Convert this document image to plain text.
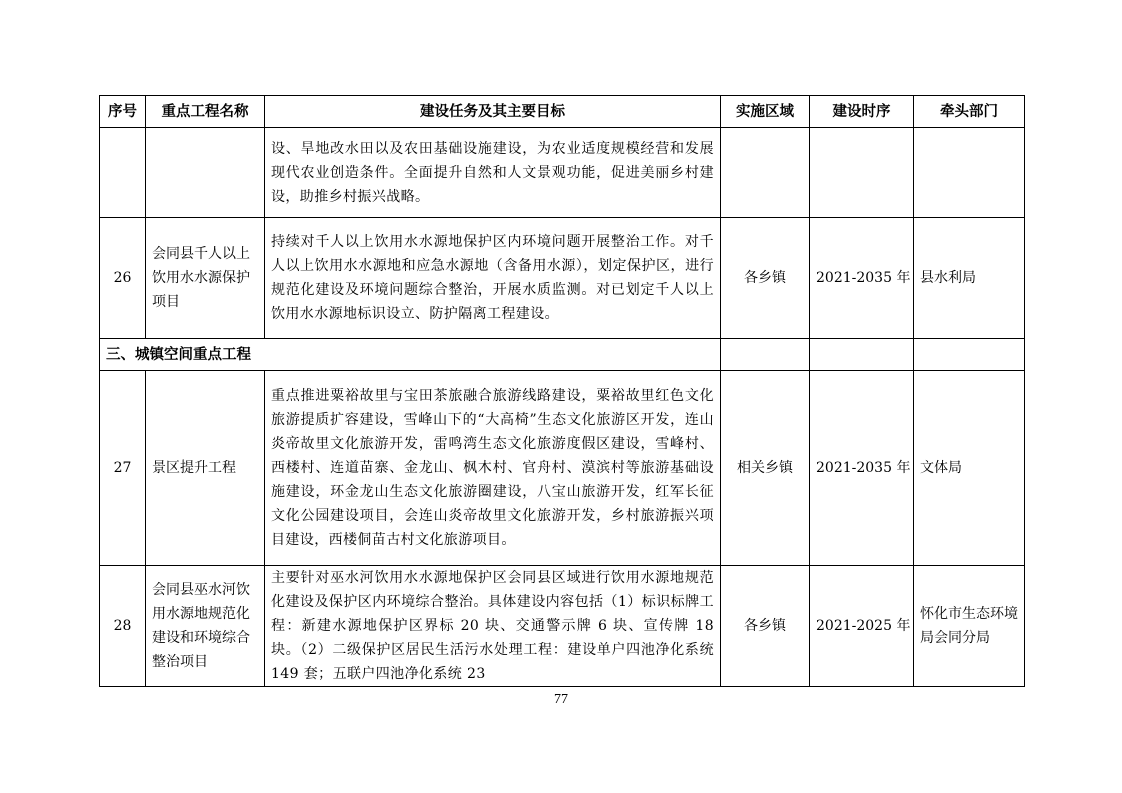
序号	重点工程名称	建设任务及其主要目标	实施区域	建设时序	牵头部门
		设、旱地改水田以及农田基础设施建设，为农业适度规模经营和发展现代农业创造条件。全面提升自然和人文景观功能，促进美丽乡村建设，助推乡村振兴战略。			
26	会同县千人以上饮用水水源保护项目	持续对千人以上饮用水水源地保护区内环境问题开展整治工作。对千人以上饮用水水源地和应急水源地（含备用水源），划定保护区，进行规范化建设及环境问题综合整治，开展水质监测。对已划定千人以上饮用水水源地标识设立、防护隔离工程建设。	各乡镇	2021-2035 年	县水利局
三、城镇空间重点工程					
27	景区提升工程	重点推进粟裕故里与宝田茶旅融合旅游线路建设，粟裕故里红色文化旅游提质扩容建设，雪峰山下的“大高椅”生态文化旅游区开发，连山炎帝故里文化旅游开发，雷鸣湾生态文化旅游度假区建设，雪峰村、西楼村、连道苗寨、金龙山、枫木村、官舟村、漠滨村等旅游基础设施建设，环金龙山生态文化旅游圈建设，八宝山旅游开发，红军长征文化公园建设项目，会连山炎帝故里文化旅游开发，乡村旅游振兴项目建设，西楼侗苗古村文化旅游项目。	相关乡镇	2021-2035 年	文体局
28	会同县巫水河饮用水源地规范化建设和环境综合整治项目	主要针对巫水河饮用水水源地保护区会同县区域进行饮用水源地规范化建设及保护区内环境综合整治。具体建设内容包括（1）标识标牌工程：新建水源地保护区界标 20 块、交通警示牌 6 块、宣传牌 18 块。（2）二级保护区居民生活污水处理工程：建设单户四池净化系统 149 套；五联户四池净化系统 23	各乡镇	2021-2025 年	怀化市生态环境局会同分局
77
